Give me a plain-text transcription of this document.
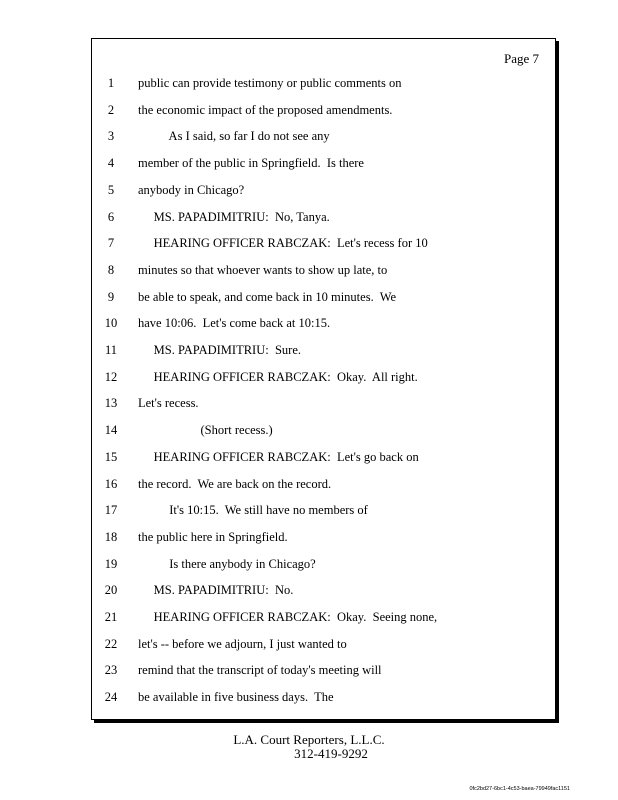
Page 7
1	public can provide testimony or public comments on
2	the economic impact of the proposed amendments.
3	As I said, so far I do not see any
4	member of the public in Springfield.  Is there
5	anybody in Chicago?
6	MS. PAPADIMITRIU:  No, Tanya.
7	HEARING OFFICER RABCZAK:  Let's recess for 10
8	minutes so that whoever wants to show up late, to
9	be able to speak, and come back in 10 minutes.  We
10	have 10:06.  Let's come back at 10:15.
11	MS. PAPADIMITRIU:  Sure.
12	HEARING OFFICER RABCZAK:  Okay.  All right.
13	Let's recess.
14	(Short recess.)
15	HEARING OFFICER RABCZAK:  Let's go back on
16	the record.  We are back on the record.
17	It's 10:15.  We still have no members of
18	the public here in Springfield.
19	Is there anybody in Chicago?
20	MS. PAPADIMITRIU:  No.
21	HEARING OFFICER RABCZAK:  Okay.  Seeing none,
22	let's -- before we adjourn, I just wanted to
23	remind that the transcript of today's meeting will
24	be available in five business days.  The
L.A. Court Reporters, L.L.C.
312-419-9292
0fc2bd27-6bc1-4c53-baea-79949fac1151
